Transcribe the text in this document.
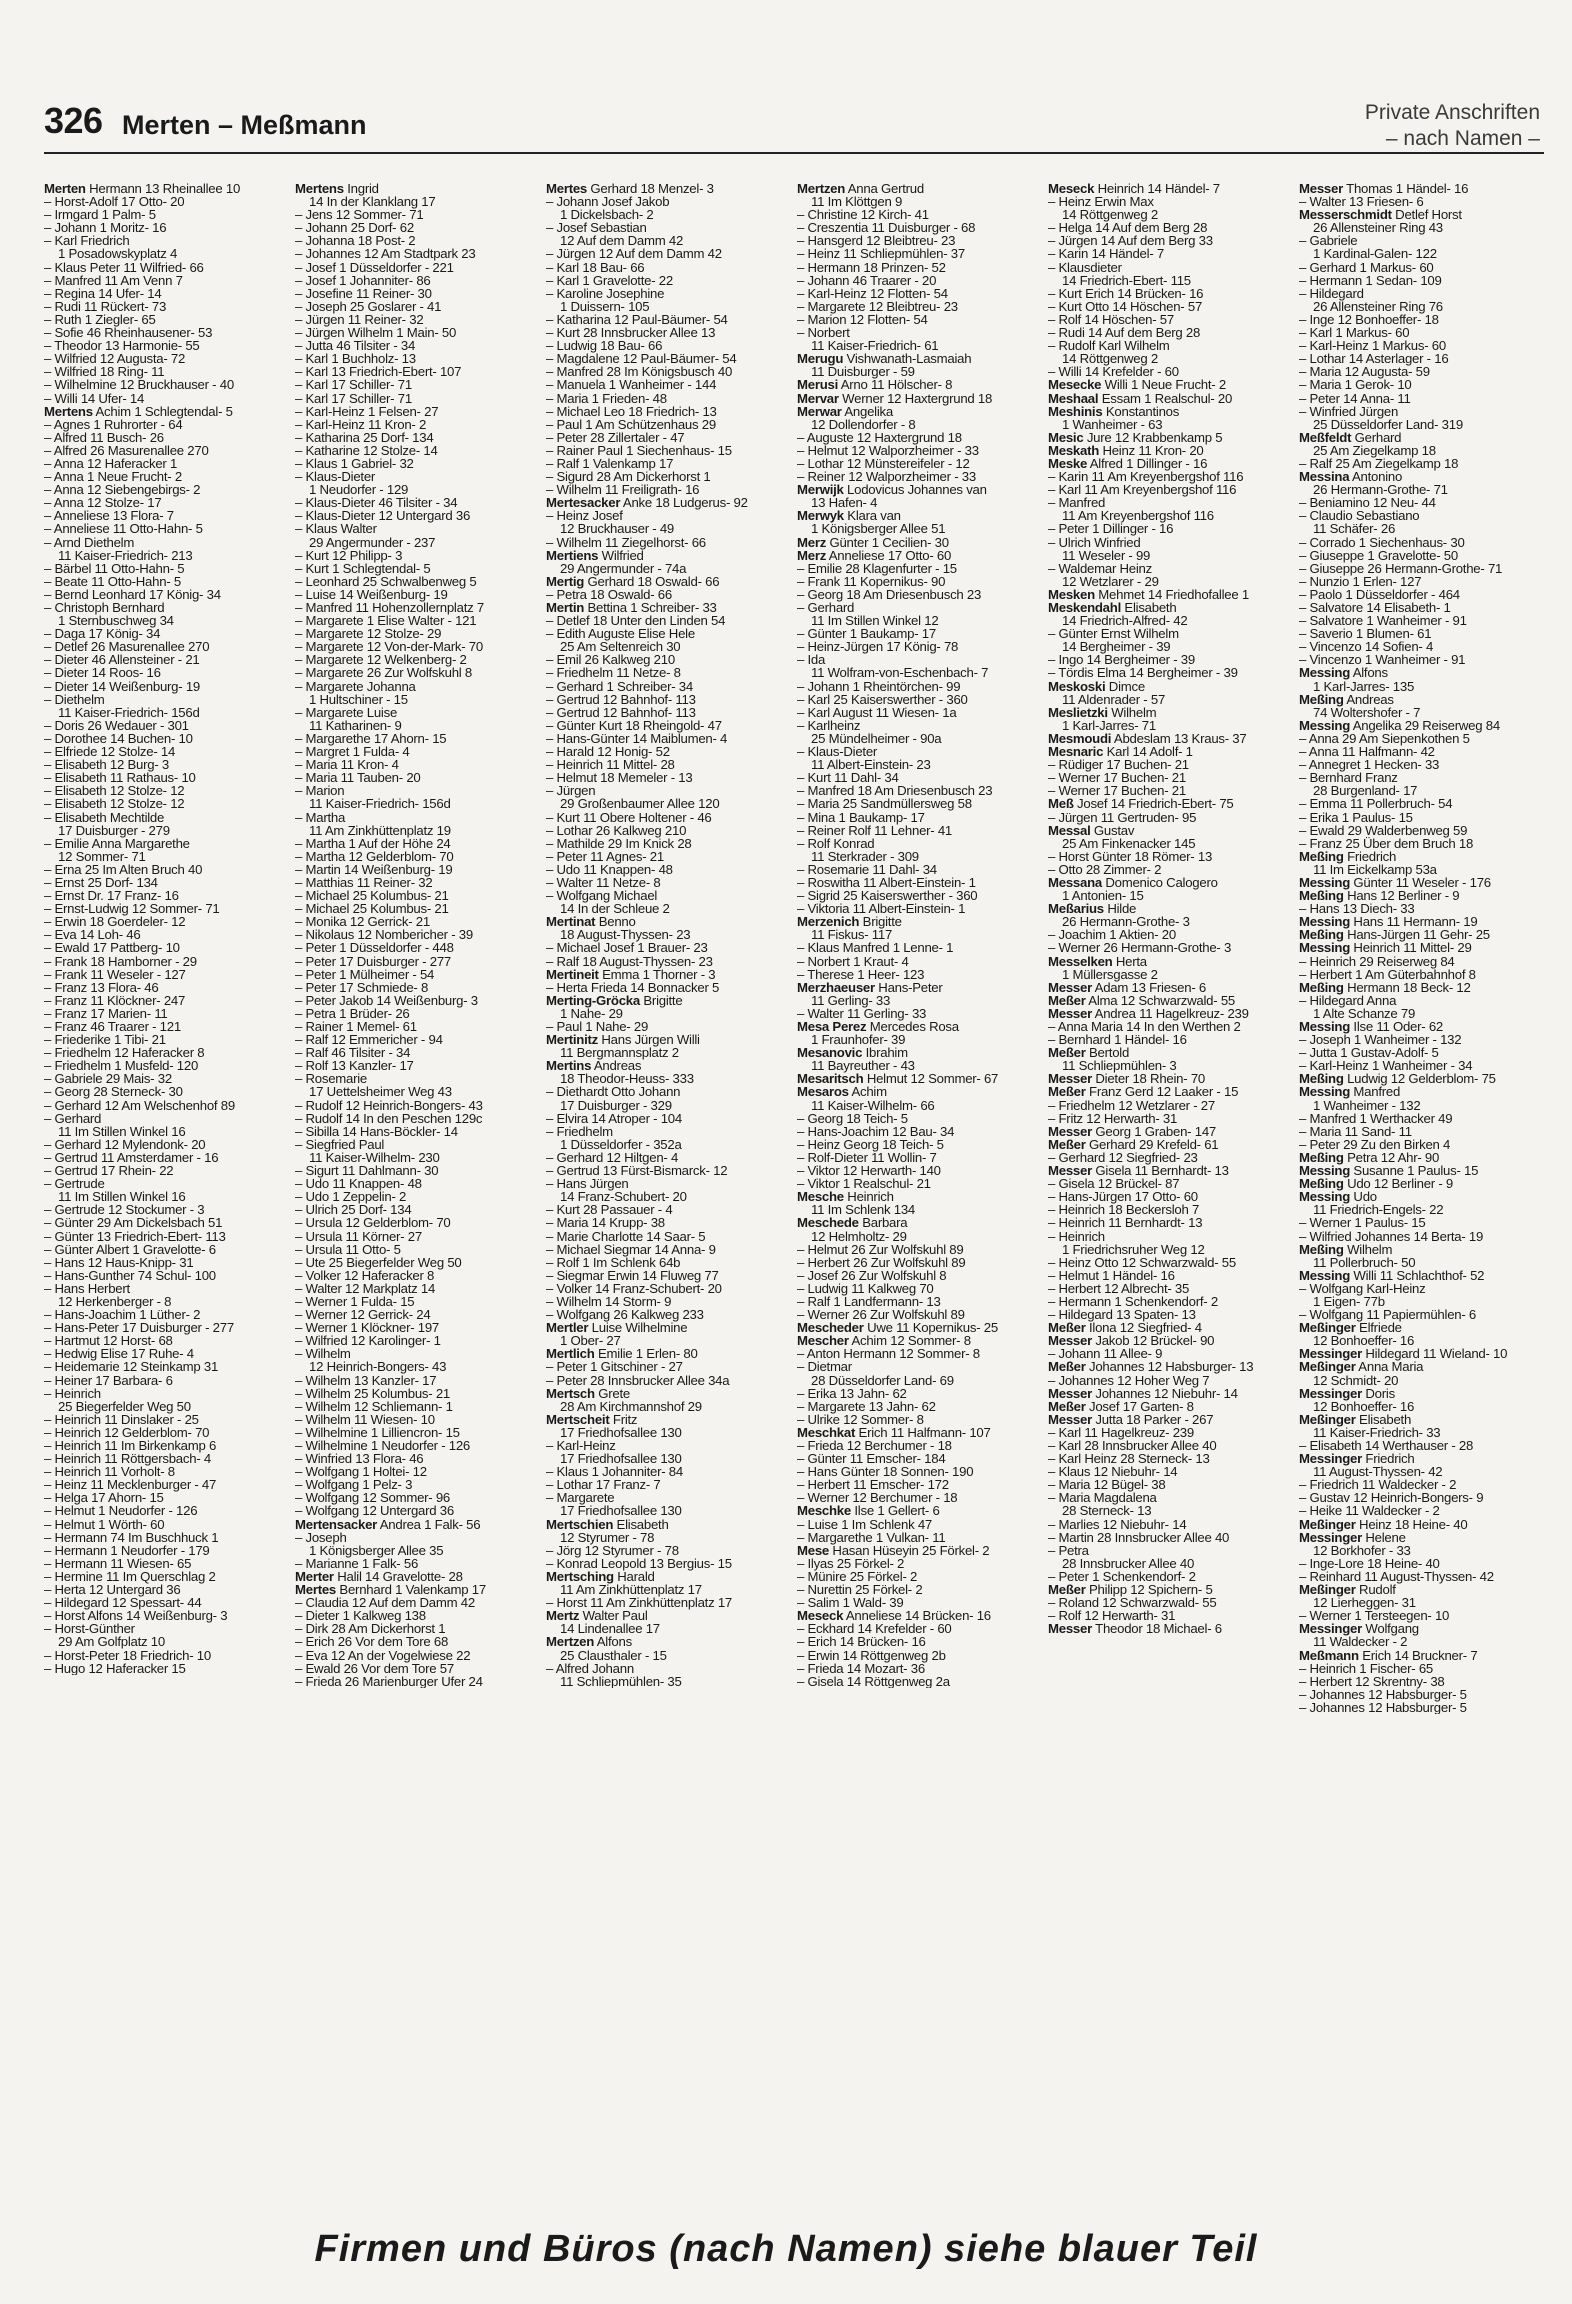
326 Merten – Meßmann	Private Anschriften
– nach Namen –
Merten Hermann 13 Rheinallee 10
– Horst-Adolf 17 Otto- 20
– Irmgard 1 Palm- 5
– Johann 1 Moritz- 16
– Karl Friedrich
1 Posadowskyplatz 4
– Klaus Peter 11 Wilfried- 66
– Manfred 11 Am Venn 7
– Regina 14 Ufer- 14
– Rudi 11 Rückert- 73
– Ruth 1 Ziegler- 65
– Sofie 46 Rheinhausener- 53
– Theodor 13 Harmonie- 55
– Wilfried 12 Augusta- 72
– Wilfried 18 Ring- 11
– Wilhelmine 12 Bruckhauser - 40
– Willi 14 Ufer- 14
Mertens Achim 1 Schlegtendal- 5
– Agnes 1 Ruhrorter - 64
– Alfred 11 Busch- 26
– Alfred 26 Masurenallee 270
– Anna 12 Haferacker 1
– Anna 1 Neue Frucht- 2
– Anna 12 Siebengebirgs- 2
– Anna 12 Stolze- 17
– Anneliese 13 Flora- 7
– Anneliese 11 Otto-Hahn- 5
– Arnd Diethelm
11 Kaiser-Friedrich- 213
– Bärbel 11 Otto-Hahn- 5
– Beate 11 Otto-Hahn- 5
– Bernd Leonhard 17 König- 34
– Christoph Bernhard
1 Sternbuschweg 34
– Daga 17 König- 34
– Detlef 26 Masurenallee 270
– Dieter 46 Allensteiner - 21
– Dieter 14 Roos- 16
– Dieter 14 Weißenburg- 19
– Diethelm
11 Kaiser-Friedrich- 156d
– Doris 26 Wedauer - 301
– Dorothee 14 Buchen- 10
– Elfriede 12 Stolze- 14
– Elisabeth 12 Burg- 3
– Elisabeth 11 Rathaus- 10
– Elisabeth 12 Stolze- 12
– Elisabeth 12 Stolze- 12
– Elisabeth Mechtilde
17 Duisburger - 279
– Emilie Anna Margarethe
12 Sommer- 71
– Erna 25 Im Alten Bruch 40
– Ernst 25 Dorf- 134
– Ernst Dr. 17 Franz- 16
– Ernst-Ludwig 12 Sommer- 71
– Erwin 18 Goerdeler- 12
– Eva 14 Loh- 46
– Ewald 17 Pattberg- 10
– Frank 18 Hamborner - 29
– Frank 11 Weseler - 127
– Franz 13 Flora- 46
– Franz 11 Klöckner- 247
– Franz 17 Marien- 11
– Franz 46 Traarer - 121
– Friederike 1 Tibi- 21
– Friedhelm 12 Haferacker 8
– Friedhelm 1 Musfeld- 120
– Gabriele 29 Mais- 32
– Georg 28 Sterneck- 30
– Gerhard 12 Am Welschenhof 89
– Gerhard
11 Im Stillen Winkel 16
– Gerhard 12 Mylendonk- 20
– Gertrud 11 Amsterdamer - 16
– Gertrud 17 Rhein- 22
– Gertrude
11 Im Stillen Winkel 16
– Gertrude 12 Stockumer - 3
– Günter 29 Am Dickelsbach 51
– Günter 13 Friedrich-Ebert- 113
– Günter Albert 1 Gravelotte- 6
– Hans 12 Haus-Knipp- 31
– Hans-Gunther 74 Schul- 100
– Hans Herbert
12 Herkenberger - 8
– Hans-Joachim 1 Lüther- 2
– Hans-Peter 17 Duisburger - 277
– Hartmut 12 Horst- 68
– Hedwig Elise 17 Ruhe- 4
– Heidemarie 12 Steinkamp 31
– Heiner 17 Barbara- 6
– Heinrich
25 Biegerfelder Weg 50
– Heinrich 11 Dinslaker - 25
– Heinrich 12 Gelderblom- 70
– Heinrich 11 Im Birkenkamp 6
– Heinrich 11 Röttgersbach- 4
– Heinrich 11 Vorholt- 8
– Heinz 11 Mecklenburger - 47
– Helga 17 Ahorn- 15
– Helmut 1 Neudorfer - 126
– Helmut 1 Wörth- 60
– Hermann 74 Im Buschhuck 1
– Hermann 1 Neudorfer - 179
– Hermann 11 Wiesen- 65
– Hermine 11 Im Querschlag 2
– Herta 12 Untergard 36
– Hildegard 12 Spessart- 44
– Horst Alfons 14 Weißenburg- 3
– Horst-Günther
29 Am Golfplatz 10
– Horst-Peter 18 Friedrich- 10
– Hugo 12 Haferacker 15
Mertens Ingrid
14 In der Klanklang 17
– Jens 12 Sommer- 71
– Johann 25 Dorf- 62
– Johanna 18 Post- 2
– Johannes 12 Am Stadtpark 23
– Josef 1 Düsseldorfer - 221
– Josef 1 Johanniter- 86
– Josefine 11 Reiner- 30
– Joseph 25 Goslarer - 41
– Jürgen 11 Reiner- 32
– Jürgen Wilhelm 1 Main- 50
– Jutta 46 Tilsiter - 34
– Karl 1 Buchholz- 13
– Karl 13 Friedrich-Ebert- 107
– Karl 17 Schiller- 71
– Karl 17 Schiller- 71
– Karl-Heinz 1 Felsen- 27
– Karl-Heinz 11 Kron- 2
– Katharina 25 Dorf- 134
– Katharine 12 Stolze- 14
– Klaus 1 Gabriel- 32
– Klaus-Dieter
1 Neudorfer - 129
– Klaus-Dieter 46 Tilsiter - 34
– Klaus-Dieter 12 Untergard 36
– Klaus Walter
29 Angermunder - 237
– Kurt 12 Philipp- 3
– Kurt 1 Schlegtendal- 5
– Leonhard 25 Schwalbenweg 5
– Luise 14 Weißenburg- 19
– Manfred 11 Hohenzollernplatz 7
– Margarete 1 Elise Walter - 121
– Margarete 12 Stolze- 29
– Margarete 12 Von-der-Mark- 70
– Margarete 12 Welkenberg- 2
– Margarete 26 Zur Wolfskuhl 8
– Margarete Johanna
1 Hultschiner - 15
– Margarete Luise
11 Katharinen- 9
– Margarethe 17 Ahorn- 15
– Margret 1 Fulda- 4
– Maria 11 Kron- 4
– Maria 11 Tauben- 20
– Marion
11 Kaiser-Friedrich- 156d
– Martha
11 Am Zinkhüttenplatz 19
– Martha 1 Auf der Höhe 24
– Martha 12 Gelderblom- 70
– Martin 14 Weißenburg- 19
– Matthias 11 Reiner- 32
– Michael 25 Kolumbus- 21
– Michael 25 Kolumbus- 21
– Monika 12 Gerrick- 21
– Nikolaus 12 Nombericher - 39
– Peter 1 Düsseldorfer - 448
– Peter 17 Duisburger - 277
– Peter 1 Mülheimer - 54
– Peter 17 Schmiede- 8
– Peter Jakob 14 Weißenburg- 3
– Petra 1 Brüder- 26
– Rainer 1 Memel- 61
– Ralf 12 Emmericher - 94
– Ralf 46 Tilsiter - 34
– Rolf 13 Kanzler- 17
– Rosemarie
17 Uettelsheimer Weg 43
– Rudolf 12 Heinrich-Bongers- 43
– Rudolf 14 In den Peschen 129c
– Sibilla 14 Hans-Böckler- 14
– Siegfried Paul
11 Kaiser-Wilhelm- 230
– Sigurt 11 Dahlmann- 30
– Udo 11 Knappen- 48
– Udo 1 Zeppelin- 2
– Ulrich 25 Dorf- 134
– Ursula 12 Gelderblom- 70
– Ursula 11 Körner- 27
– Ursula 11 Otto- 5
– Ute 25 Biegerfelder Weg 50
– Volker 12 Haferacker 8
– Walter 12 Markplatz 14
– Werner 1 Fulda- 15
– Werner 12 Gerrick- 24
– Werner 1 Klöckner- 197
– Wilfried 12 Karolinger- 1
– Wilhelm
12 Heinrich-Bongers- 43
– Wilhelm 13 Kanzler- 17
– Wilhelm 25 Kolumbus- 21
– Wilhelm 12 Schliemann- 1
– Wilhelm 11 Wiesen- 10
– Wilhelmine 1 Lilliencron- 15
– Wilhelmine 1 Neudorfer - 126
– Winfried 13 Flora- 46
– Wolfgang 1 Holtei- 12
– Wolfgang 1 Pelz- 3
– Wolfgang 12 Sommer- 96
– Wolfgang 12 Untergard 36
Mertensacker Andrea 1 Falk- 56
– Joseph
1 Königsberger Allee 35
– Marianne 1 Falk- 56
Merter Halil 14 Gravelotte- 28
Mertes Bernhard 1 Valenkamp 17
– Claudia 12 Auf dem Damm 42
– Dieter 1 Kalkweg 138
– Dirk 28 Am Dickerhorst 1
– Erich 26 Vor dem Tore 68
– Eva 12 An der Vogelwiese 22
– Ewald 26 Vor dem Tore 57
– Frieda 26 Marienburger Ufer 24
Mertes Gerhard 18 Menzel- 3
– Johann Josef Jakob
1 Dickelsbach- 2
– Josef Sebastian
12 Auf dem Damm 42
– Jürgen 12 Auf dem Damm 42
– Karl 18 Bau- 66
– Karl 1 Gravelotte- 22
– Karoline Josephine
1 Duissern- 105
– Katharina 12 Paul-Bäumer- 54
– Kurt 28 Innsbrucker Allee 13
– Ludwig 18 Bau- 66
– Magdalene 12 Paul-Bäumer- 54
– Manfred 28 Im Königsbusch 40
– Manuela 1 Wanheimer - 144
– Maria 1 Frieden- 48
– Michael Leo 18 Friedrich- 13
– Paul 1 Am Schützenhaus 29
– Peter 28 Zillertaler - 47
– Rainer Paul 1 Siechenhaus- 15
– Ralf 1 Valenkamp 17
– Sigurd 28 Am Dickerhorst 1
– Wilhelm 11 Freiligrath- 16
Mertesacker Anke 18 Ludgerus- 92
– Heinz Josef
12 Bruckhauser - 49
– Wilhelm 11 Ziegelhorst- 66
Mertiens Wilfried
29 Angermunder - 74a
Mertig Gerhard 18 Oswald- 66
– Petra 18 Oswald- 66
Mertin Bettina 1 Schreiber- 33
– Detlef 18 Unter den Linden 54
– Edith Auguste Elise Hele
25 Am Seltenreich 30
– Emil 26 Kalkweg 210
– Friedhelm 11 Netze- 8
– Gerhard 1 Schreiber- 34
– Gertrud 12 Bahnhof- 113
– Gertrud 12 Bahnhof- 113
– Günter Kurt 18 Rheingold- 47
– Hans-Günter 14 Maiblumen- 4
– Harald 12 Honig- 52
– Heinrich 11 Mittel- 28
– Helmut 18 Memeler - 13
– Jürgen
29 Großenbaumer Allee 120
– Kurt 11 Obere Holtener - 46
– Lothar 26 Kalkweg 210
– Mathilde 29 Im Knick 28
– Peter 11 Agnes- 21
– Udo 11 Knappen- 48
– Walter 11 Netze- 8
– Wolfgang Michael
14 In der Schleue 2
Mertinat Benno
18 August-Thyssen- 23
– Michael Josef 1 Brauer- 23
– Ralf 18 August-Thyssen- 23
Mertineit Emma 1 Thorner - 3
– Herta Frieda 14 Bonnacker 5
Merting-Gröcka Brigitte
1 Nahe- 29
– Paul 1 Nahe- 29
Mertinitz Hans Jürgen Willi
11 Bergmannsplatz 2
Mertins Andreas
18 Theodor-Heuss- 333
– Diethardt Otto Johann
17 Duisburger - 329
– Elvira 14 Atroper - 104
– Friedhelm
1 Düsseldorfer - 352a
– Gerhard 12 Hiltgen- 4
– Gertrud 13 Fürst-Bismarck- 12
– Hans Jürgen
14 Franz-Schubert- 20
– Kurt 28 Passauer - 4
– Maria 14 Krupp- 38
– Marie Charlotte 14 Saar- 5
– Michael Siegmar 14 Anna- 9
– Rolf 1 Im Schlenk 64b
– Siegmar Erwin 14 Fluweg 77
– Volker 14 Franz-Schubert- 20
– Wilhelm 14 Storm- 9
– Wolfgang 26 Kalkweg 233
Mertler Luise Wilhelmine
1 Ober- 27
Mertlich Emilie 1 Erlen- 80
– Peter 1 Gitschiner - 27
– Peter 28 Innsbrucker Allee 34a
Mertsch Grete
28 Am Kirchmannshof 29
Mertscheit Fritz
17 Friedhofsallee 130
– Karl-Heinz
17 Friedhofsallee 130
– Klaus 1 Johanniter- 84
– Lothar 17 Franz- 7
– Margarete
17 Friedhofsallee 130
Mertschien Elisabeth
12 Styrumer - 78
– Jörg 12 Styrumer - 78
– Konrad Leopold 13 Bergius- 15
Mertsching Harald
11 Am Zinkhüttenplatz 17
– Horst 11 Am Zinkhüttenplatz 17
Mertz Walter Paul
14 Lindenallee 17
Mertzen Alfons
25 Clausthaler - 15
– Alfred Johann
11 Schliepmühlen- 35
Mertzen Anna Gertrud
11 Im Klöttgen 9
– Christine 12 Kirch- 41
– Creszentia 11 Duisburger - 68
– Hansgerd 12 Bleibtreu- 23
– Heinz 11 Schliepmühlen- 37
– Hermann 18 Prinzen- 52
– Johann 46 Traarer - 20
– Karl-Heinz 12 Flotten- 54
– Margarete 12 Bleibtreu- 23
– Marion 12 Flotten- 54
– Norbert
11 Kaiser-Friedrich- 61
Merugu Vishwanath-Lasmaiah
11 Duisburger - 59
Merusi Arno 11 Hölscher- 8
Mervar Werner 12 Haxtergrund 18
Merwar Angelika
12 Dollendorfer - 8
– Auguste 12 Haxtergrund 18
– Helmut 12 Walporzheimer - 33
– Lothar 12 Münstereifeler - 12
– Reiner 12 Walporzheimer - 33
Merwijk Lodovicus Johannes van
13 Hafen- 4
Merwyk Klara van
1 Königsberger Allee 51
Merz Günter 1 Cecilien- 30
Merz Anneliese 17 Otto- 60
– Emilie 28 Klagenfurter - 15
– Frank 11 Kopernikus- 90
– Georg 18 Am Driesenbusch 23
– Gerhard
11 Im Stillen Winkel 12
– Günter 1 Baukamp- 17
– Heinz-Jürgen 17 König- 78
– Ida
11 Wolfram-von-Eschenbach- 7
– Johann 1 Rheintörchen- 99
– Karl 25 Kaiserswerther - 360
– Karl August 11 Wiesen- 1a
– Karlheinz
25 Mündelheimer - 90a
– Klaus-Dieter
11 Albert-Einstein- 23
– Kurt 11 Dahl- 34
– Manfred 18 Am Driesenbusch 23
– Maria 25 Sandmüllersweg 58
– Mina 1 Baukamp- 17
– Reiner Rolf 11 Lehner- 41
– Rolf Konrad
11 Sterkrader - 309
– Rosemarie 11 Dahl- 34
– Roswitha 11 Albert-Einstein- 1
– Sigrid 25 Kaiserswerther - 360
– Viktoria 11 Albert-Einstein- 1
Merzenich Brigitte
11 Fiskus- 117
– Klaus Manfred 1 Lenne- 1
– Norbert 1 Kraut- 4
– Therese 1 Heer- 123
Merzhaeuser Hans-Peter
11 Gerling- 33
– Walter 11 Gerling- 33
Mesa Perez Mercedes Rosa
1 Fraunhofer- 39
Mesanovic Ibrahim
11 Bayreuther - 43
Mesaritsch Helmut 12 Sommer- 67
Mesaros Achim
11 Kaiser-Wilhelm- 66
– Georg 18 Teich- 5
– Hans-Joachim 12 Bau- 34
– Heinz Georg 18 Teich- 5
– Rolf-Dieter 11 Wollin- 7
– Viktor 12 Herwarth- 140
– Viktor 1 Realschul- 21
Mesche Heinrich
11 Im Schlenk 134
Meschede Barbara
12 Helmholtz- 29
– Helmut 26 Zur Wolfskuhl 89
– Herbert 26 Zur Wolfskuhl 89
– Josef 26 Zur Wolfskuhl 8
– Ludwig 11 Kalkweg 70
– Ralf 1 Landfermann- 13
– Werner 26 Zur Wolfskuhl 89
Mescheder Uwe 11 Kopernikus- 25
Mescher Achim 12 Sommer- 8
– Anton Hermann 12 Sommer- 8
– Dietmar
28 Düsseldorfer Land- 69
– Erika 13 Jahn- 62
– Margarete 13 Jahn- 62
– Ulrike 12 Sommer- 8
Meschkat Erich 11 Halfmann- 107
– Frieda 12 Berchumer - 18
– Günter 11 Emscher- 184
– Hans Günter 18 Sonnen- 190
– Herbert 11 Emscher- 172
– Werner 12 Berchumer - 18
Meschke Ilse 1 Gellert- 6
– Luise 1 Im Schlenk 47
– Margarethe 1 Vulkan- 11
Mese Hasan Hüseyin 25 Förkel- 2
– Ilyas 25 Förkel- 2
– Münire 25 Förkel- 2
– Nurettin 25 Förkel- 2
– Salim 1 Wald- 39
Meseck Anneliese 14 Brücken- 16
– Eckhard 14 Krefelder - 60
– Erich 14 Brücken- 16
– Erwin 14 Röttgenweg 2b
– Frieda 14 Mozart- 36
– Gisela 14 Röttgenweg 2a
Meseck Heinrich 14 Händel- 7
– Heinz Erwin Max
14 Röttgenweg 2
– Helga 14 Auf dem Berg 28
– Jürgen 14 Auf dem Berg 33
– Karin 14 Händel- 7
– Klausdieter
14 Friedrich-Ebert- 115
– Kurt Erich 14 Brücken- 16
– Kurt Otto 14 Höschen- 57
– Rolf 14 Höschen- 57
– Rudi 14 Auf dem Berg 28
– Rudolf Karl Wilhelm
14 Röttgenweg 2
– Willi 14 Krefelder - 60
Mesecke Willi 1 Neue Frucht- 2
Meshaal Essam 1 Realschul- 20
Meshinis Konstantinos
1 Wanheimer - 63
Mesic Jure 12 Krabbenkamp 5
Meskath Heinz 11 Kron- 20
Meske Alfred 1 Dillinger - 16
– Karin 11 Am Kreyenbergshof 116
– Karl 11 Am Kreyenbergshof 116
– Manfred
11 Am Kreyenbergshof 116
– Peter 1 Dillinger - 16
– Ulrich Winfried
11 Weseler - 99
– Waldemar Heinz
12 Wetzlarer - 29
Mesken Mehmet 14 Friedhofallee 1
Meskendahl Elisabeth
14 Friedrich-Alfred- 42
– Günter Ernst Wilhelm
14 Bergheimer - 39
– Ingo 14 Bergheimer - 39
– Tördis Elma 14 Bergheimer - 39
Meskoski Dimce
11 Aldenrader - 57
Meslietzki Wilhelm
1 Karl-Jarres- 71
Mesmoudi Abdeslam 13 Kraus- 37
Mesnaric Karl 14 Adolf- 1
– Rüdiger 17 Buchen- 21
– Werner 17 Buchen- 21
– Werner 17 Buchen- 21
Meß Josef 14 Friedrich-Ebert- 75
– Jürgen 11 Gertruden- 95
Messal Gustav
25 Am Finkenacker 145
– Horst Günter 18 Römer- 13
– Otto 28 Zimmer- 2
Messana Domenico Calogero
1 Antonien- 15
Meßarius Hilde
26 Hermann-Grothe- 3
– Joachim 1 Aktien- 20
– Werner 26 Hermann-Grothe- 3
Messelken Herta
1 Müllersgasse 2
Messer Adam 13 Friesen- 6
Meßer Alma 12 Schwarzwald- 55
Messer Andrea 11 Hagelkreuz- 239
– Anna Maria 14 In den Werthen 2
– Bernhard 1 Händel- 16
Meßer Bertold
11 Schliepmühlen- 3
Messer Dieter 18 Rhein- 70
Meßer Franz Gerd 12 Laaker - 15
– Friedhelm 12 Wetzlarer - 27
– Fritz 12 Herwarth- 31
Messer Georg 1 Graben- 147
Meßer Gerhard 29 Krefeld- 61
– Gerhard 12 Siegfried- 23
Messer Gisela 11 Bernhardt- 13
– Gisela 12 Brückel- 87
– Hans-Jürgen 17 Otto- 60
– Heinrich 18 Beckersloh 7
– Heinrich 11 Bernhardt- 13
– Heinrich
1 Friedrichsruher Weg 12
– Heinz Otto 12 Schwarzwald- 55
– Helmut 1 Händel- 16
– Herbert 12 Albrecht- 35
– Hermann 1 Schenkendorf- 2
– Hildegard 13 Spaten- 13
Meßer Ilona 12 Siegfried- 4
Messer Jakob 12 Brückel- 90
– Johann 11 Allee- 9
Meßer Johannes 12 Habsburger- 13
– Johannes 12 Hoher Weg 7
Messer Johannes 12 Niebuhr- 14
Meßer Josef 17 Garten- 8
Messer Jutta 18 Parker - 267
– Karl 11 Hagelkreuz- 239
– Karl 28 Innsbrucker Allee 40
– Karl Heinz 28 Sterneck- 13
– Klaus 12 Niebuhr- 14
– Maria 12 Bügel- 38
– Maria Magdalena
28 Sterneck- 13
– Marlies 12 Niebuhr- 14
– Martin 28 Innsbrucker Allee 40
– Petra
28 Innsbrucker Allee 40
– Peter 1 Schenkendorf- 2
Meßer Philipp 12 Spichern- 5
– Roland 12 Schwarzwald- 55
– Rolf 12 Herwarth- 31
Messer Theodor 18 Michael- 6
Messer Thomas 1 Händel- 16
– Walter 13 Friesen- 6
Messerschmidt Detlef Horst
26 Allensteiner Ring 43
– Gabriele
1 Kardinal-Galen- 122
– Gerhard 1 Markus- 60
– Hermann 1 Sedan- 109
– Hildegard
26 Allensteiner Ring 76
– Inge 12 Bonhoeffer- 18
– Karl 1 Markus- 60
– Karl-Heinz 1 Markus- 60
– Lothar 14 Asterlager - 16
– Maria 12 Augusta- 59
– Maria 1 Gerok- 10
– Peter 14 Anna- 11
– Winfried Jürgen
25 Düsseldorfer Land- 319
Meßfeldt Gerhard
25 Am Ziegelkamp 18
– Ralf 25 Am Ziegelkamp 18
Messina Antonino
26 Hermann-Grothe- 71
– Beniamino 12 Neu- 44
– Claudio Sebastiano
11 Schäfer- 26
– Corrado 1 Siechenhaus- 30
– Giuseppe 1 Gravelotte- 50
– Giuseppe 26 Hermann-Grothe- 71
– Nunzio 1 Erlen- 127
– Paolo 1 Düsseldorfer - 464
– Salvatore 14 Elisabeth- 1
– Salvatore 1 Wanheimer - 91
– Saverio 1 Blumen- 61
– Vincenzo 14 Sofien- 4
– Vincenzo 1 Wanheimer - 91
Messing Alfons
1 Karl-Jarres- 135
Meßing Andreas
74 Woltershofer - 7
Messing Angelika 29 Reiserweg 84
– Anna 29 Am Siepenkothen 5
– Anna 11 Halfmann- 42
– Annegret 1 Hecken- 33
– Bernhard Franz
28 Burgenland- 17
– Emma 11 Pollerbruch- 54
– Erika 1 Paulus- 15
– Ewald 29 Walderbenweg 59
– Franz 25 Über dem Bruch 18
Meßing Friedrich
11 Im Eickelkamp 53a
Messing Günter 11 Weseler - 176
Meßing Hans 12 Berliner - 9
– Hans 13 Diech- 33
Messing Hans 11 Hermann- 19
Meßing Hans-Jürgen 11 Gehr- 25
Messing Heinrich 11 Mittel- 29
– Heinrich 29 Reiserweg 84
– Herbert 1 Am Güterbahnhof 8
Meßing Hermann 18 Beck- 12
– Hildegard Anna
1 Alte Schanze 79
Messing Ilse 11 Oder- 62
– Joseph 1 Wanheimer - 132
– Jutta 1 Gustav-Adolf- 5
– Karl-Heinz 1 Wanheimer - 34
Meßing Ludwig 12 Gelderblom- 75
Messing Manfred
1 Wanheimer - 132
– Manfred 1 Werthacker 49
– Maria 11 Sand- 11
– Peter 29 Zu den Birken 4
Meßing Petra 12 Ahr- 90
Messing Susanne 1 Paulus- 15
Meßing Udo 12 Berliner - 9
Messing Udo
11 Friedrich-Engels- 22
– Werner 1 Paulus- 15
– Wilfried Johannes 14 Berta- 19
Meßing Wilhelm
11 Pollerbruch- 50
Messing Willi 11 Schlachthof- 52
– Wolfgang Karl-Heinz
1 Eigen- 77b
– Wolfgang 11 Papiermühlen- 6
Meßinger Elfriede
12 Bonhoeffer- 16
Messinger Hildegard 11 Wieland- 10
Meßinger Anna Maria
12 Schmidt- 20
Messinger Doris
12 Bonhoeffer- 16
Meßinger Elisabeth
11 Kaiser-Friedrich- 33
– Elisabeth 14 Werthauser - 28
Messinger Friedrich
11 August-Thyssen- 42
– Friedrich 11 Waldecker - 2
– Gustav 12 Heinrich-Bongers- 9
– Heike 11 Waldecker - 2
Meßinger Heinz 18 Heine- 40
Messinger Helene
12 Borkhofer - 33
– Inge-Lore 18 Heine- 40
– Reinhard 11 August-Thyssen- 42
Meßinger Rudolf
12 Lierheggen- 31
– Werner 1 Tersteegen- 10
Messinger Wolfgang
11 Waldecker - 2
Meßmann Erich 14 Bruckner- 7
– Heinrich 1 Fischer- 65
– Herbert 12 Skrentny- 38
– Johannes 12 Habsburger- 5
– Johannes 12 Habsburger- 5
Firmen und Büros (nach Namen) siehe blauer Teil
